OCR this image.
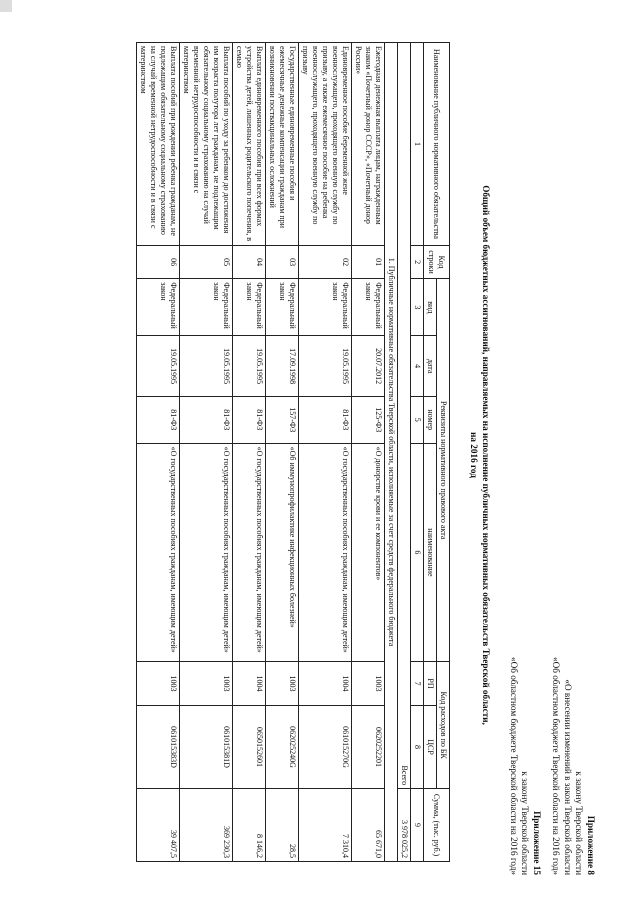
Приложение 8
к закону Тверской области
«О внесении изменений в закон Тверской области
«Об областном бюджете Тверской области на 2016 год»
Приложение 15
к закону Тверской области
«Об областном бюджете Тверской области на 2016 год»
Общий объем бюджетных ассигнований, направляемых на исполнение публичных нормативных обязательств Тверской области,
на 2016 год
Наименование публичного нормативного обязательства	Код строки	Реквизиты нормативного правового акта				Код расходов по БК		Сумма, (тыс. руб.)
		вид	дата	номер	наименование	РП	ЦСР	
1	2	3	4	5	6	7	8	9
Всего								3 978 025,2
1. Публичные нормативные обязательства Тверской области, исполняемые за счет средств федерального бюджета								
Ежегодная денежная выплата лицам, награжденным знаком «Почетный донор СССР», «Почетный донор России»	01	Федеральный закон	20.07.2012	125-ФЗ	«О донорстве крови и ее компонентов»	1003	0620252201	65 671,0
Единовременное пособие беременной жене военнослужащего, проходящего военную службу по призыву, а также ежемесячное пособие на ребенка военнослужащего, проходящего военную службу по призыву	02	Федеральный закон	19.05.1995	81-ФЗ	«О государственных пособиях гражданам, имеющим детей»	1004	061015270G	7 310,4
Государственные единовременные пособия и ежемесячные денежные компенсации гражданам при возникновении поствакцинальных осложнений	03	Федеральный закон	17.09.1998	157-ФЗ	«Об иммунопрофилактике инфекционных болезней»	1003	062025240G	28,5
Выплата единовременного пособия при всех формах устройства детей, лишенных родительского попечения, в семью	04	Федеральный закон	19.05.1995	81-ФЗ	«О государственных пособиях гражданам, имеющим детей»	1004	0650152601	8 146,2
Выплата пособий по уходу за ребенком до достижения им возраста полутора лет гражданам, не подлежащим обязательному социальному страхованию на случай временной нетрудоспособности и в связи с материнством	05	Федеральный закон	19.05.1995	81-ФЗ	«О государственных пособиях гражданам, имеющим детей»	1003	061015381D	369 230,3
Выплата пособий при рождении ребенка гражданам, не подлежащим обязательному социальному страхованию на случай временной нетрудоспособности и в связи с материнством	06	Федеральный закон	19.05.1995	81-ФЗ	«О государственных пособиях гражданам, имеющим детей»	1003	061015383D	39 407,5
